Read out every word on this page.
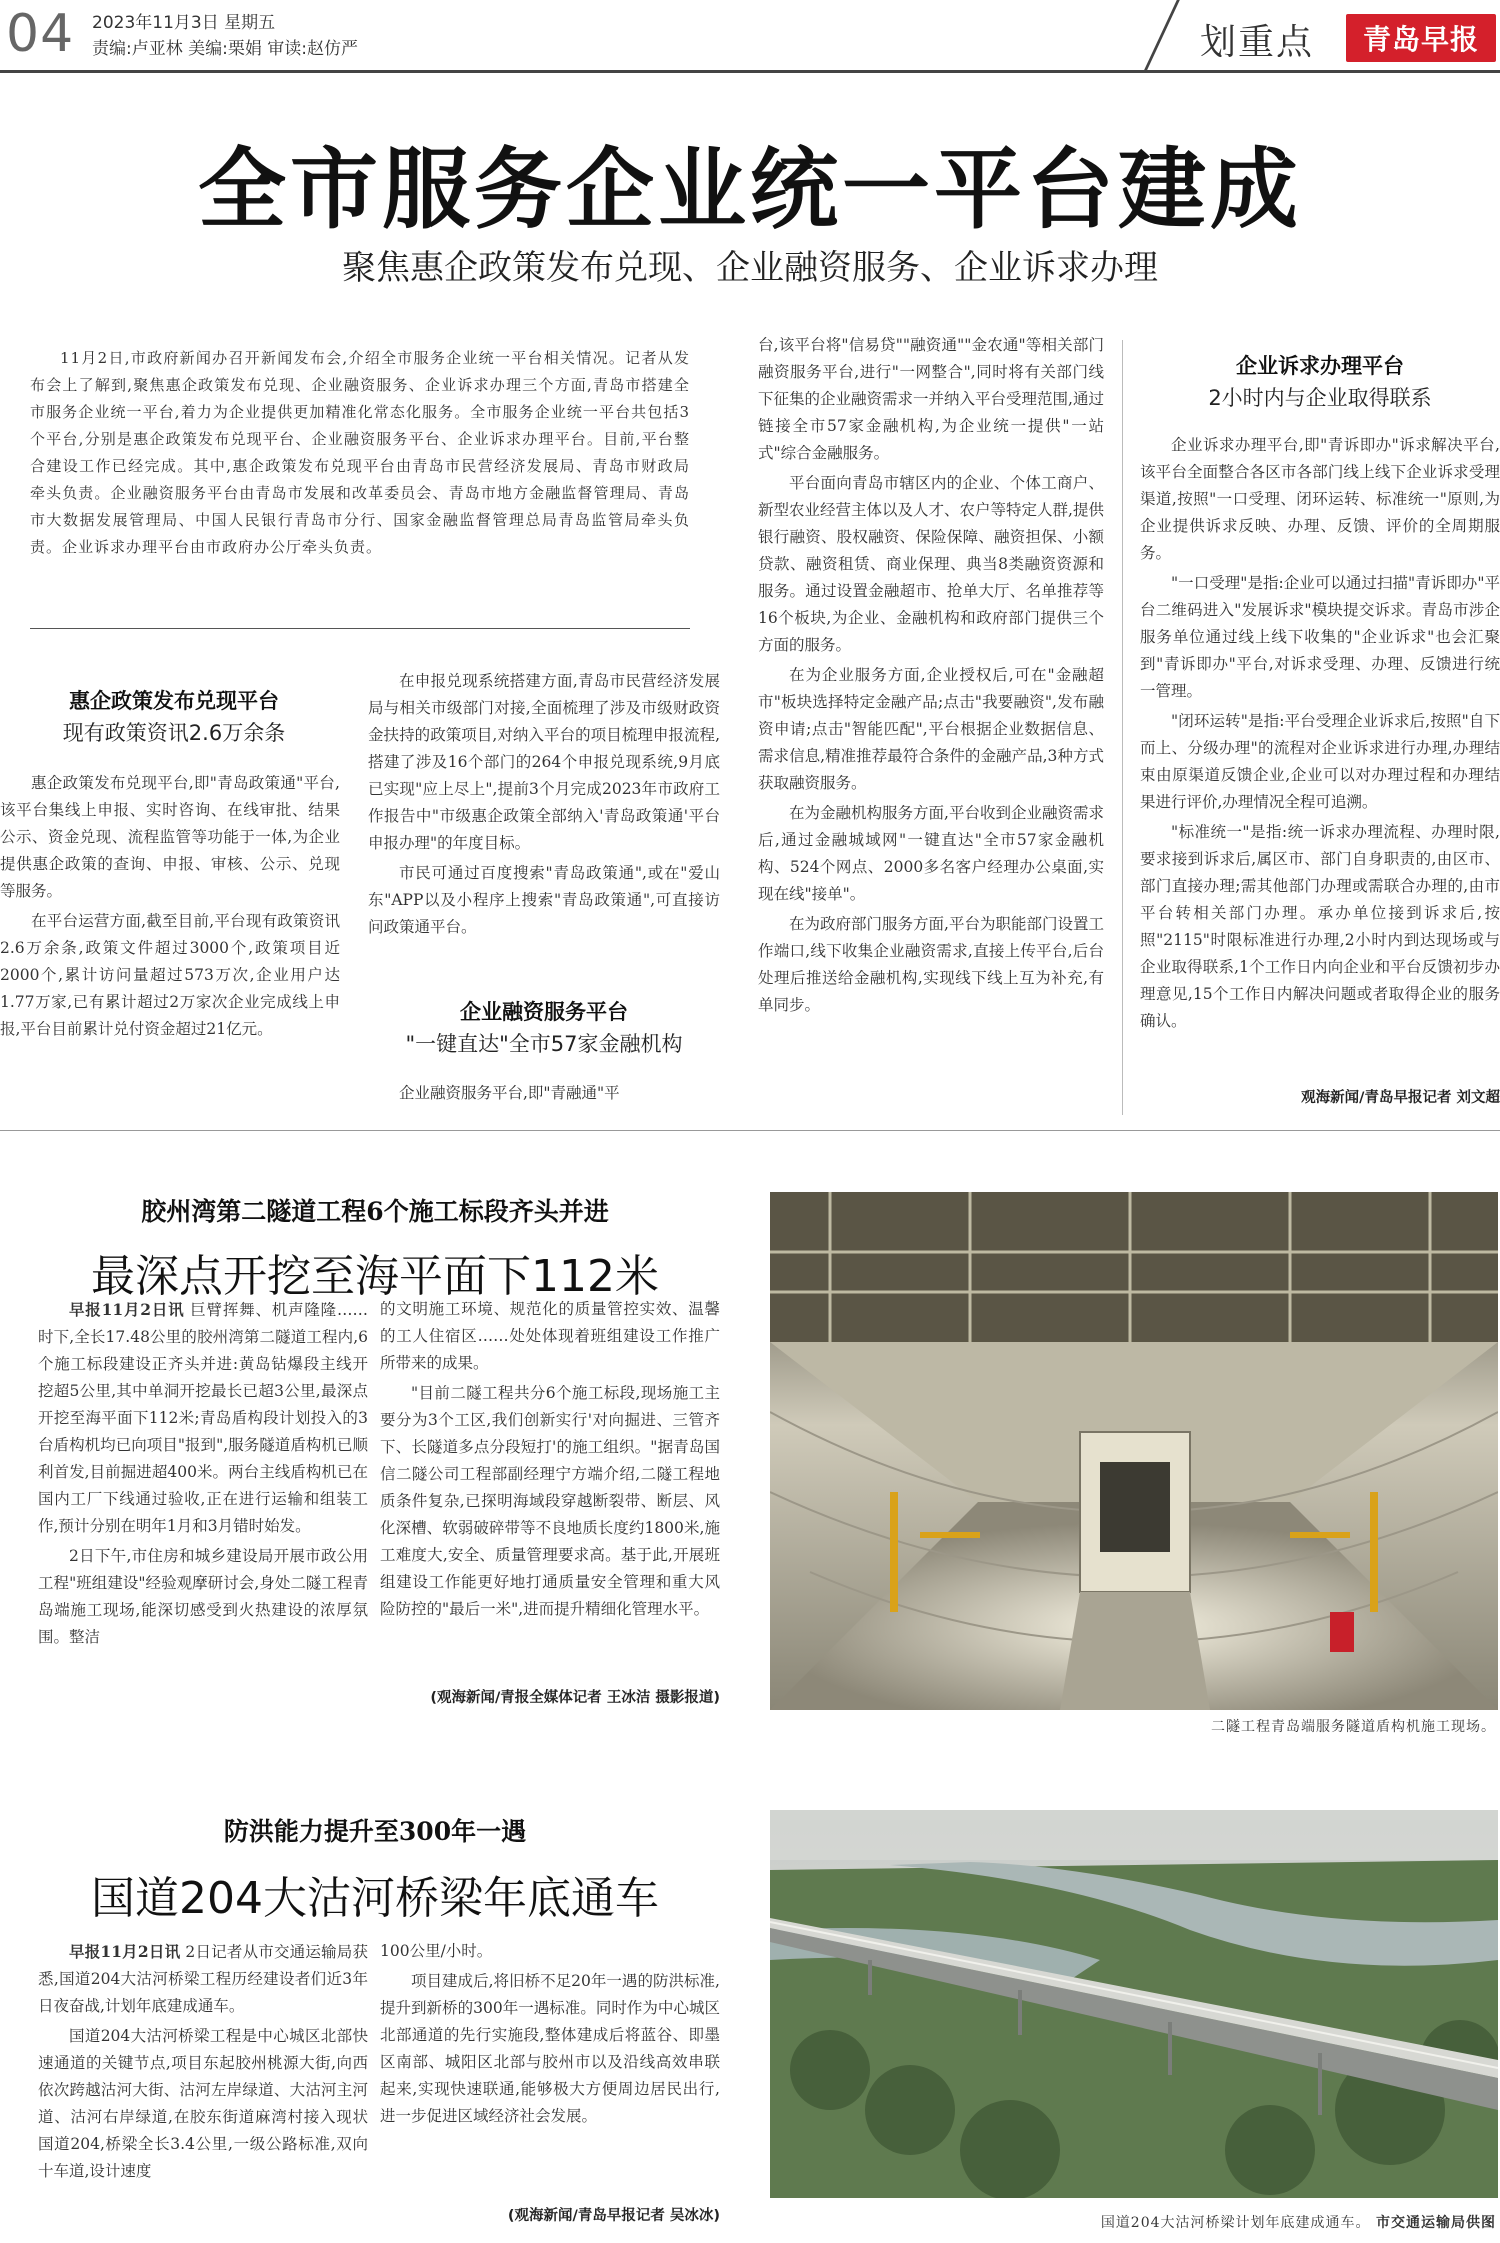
04 2023年11月3日 星期五
责编:卢亚林 美编:栗娟 审读:赵仿严	划重点	青岛早报
全市服务企业统一平台建成
聚焦惠企政策发布兑现、企业融资服务、企业诉求办理
11月2日,市政府新闻办召开新闻发布会,介绍全市服务企业统一平台相关情况。记者从发布会上了解到,聚焦惠企政策发布兑现、企业融资服务、企业诉求办理三个方面,青岛市搭建全市服务企业统一平台,着力为企业提供更加精准化常态化服务。全市服务企业统一平台共包括3个平台,分别是惠企政策发布兑现平台、企业融资服务平台、企业诉求办理平台。目前,平台整合建设工作已经完成。其中,惠企政策发布兑现平台由青岛市民营经济发展局、青岛市财政局牵头负责。企业融资服务平台由青岛市发展和改革委员会、青岛市地方金融监督管理局、青岛市大数据发展管理局、中国人民银行青岛市分行、国家金融监督管理总局青岛监管局牵头负责。企业诉求办理平台由市政府办公厅牵头负责。
惠企政策发布兑现平台
现有政策资讯2.6万余条

惠企政策发布兑现平台,即"青岛政策通"平台,该平台集线上申报、实时咨询、在线审批、结果公示、资金兑现、流程监管等功能于一体,为企业提供惠企政策的查询、申报、审核、公示、兑现等服务。

在平台运营方面,截至目前,平台现有政策资讯2.6万余条,政策文件超过3000个,政策项目近2000个,累计访问量超过573万次,企业用户达1.77万家,已有累计超过2万家次企业完成线上申报,平台目前累计兑付资金超过21亿元。

在申报兑现系统搭建方面,青岛市民营经济发展局与相关市级部门对接,全面梳理了涉及市级财政资金扶持的政策项目,对纳入平台的项目梳理申报流程,搭建了涉及16个部门的264个申报兑现系统,9月底已实现"应上尽上",提前3个月完成2023年市政府工作报告中"市级惠企政策全部纳入'青岛政策通'平台申报办理"的年度目标。

市民可通过百度搜索"青岛政策通",或在"爱山东"APP以及小程序上搜索"青岛政策通",可直接访问政策通平台。

企业融资服务平台
"一键直达"全市57家金融机构

企业融资服务平台,即"青融通"平

台,该平台将"信易贷""融资通""金农通"等相关部门融资服务平台,进行"一网整合",同时将有关部门线下征集的企业融资需求一并纳入平台受理范围,通过链接全市57家金融机构,为企业统一提供"一站式"综合金融服务。

平台面向青岛市辖区内的企业、个体工商户、新型农业经营主体以及人才、农户等特定人群,提供银行融资、股权融资、保险保障、融资担保、小额贷款、融资租赁、商业保理、典当8类融资资源和服务。通过设置金融超市、抢单大厅、名单推荐等16个板块,为企业、金融机构和政府部门提供三个方面的服务。

在为企业服务方面,企业授权后,可在"金融超市"板块选择特定金融产品;点击"我要融资",发布融资申请;点击"智能匹配",平台根据企业数据信息、需求信息,精准推荐最符合条件的金融产品,3种方式获取融资服务。

在为金融机构服务方面,平台收到企业融资需求后,通过金融城域网"一键直达"全市57家金融机构、524个网点、2000多名客户经理办公桌面,实现在线"接单"。

在为政府部门服务方面,平台为职能部门设置工作端口,线下收集企业融资需求,直接上传平台,后台处理后推送给金融机构,实现线下线上互为补充,有单同步。

企业诉求办理平台
2小时内与企业取得联系

企业诉求办理平台,即"青诉即办"诉求解决平台,该平台全面整合各区市各部门线上线下企业诉求受理渠道,按照"一口受理、闭环运转、标准统一"原则,为企业提供诉求反映、办理、反馈、评价的全周期服务。

"一口受理"是指:企业可以通过扫描"青诉即办"平台二维码进入"发展诉求"模块提交诉求。青岛市涉企服务单位通过线上线下收集的"企业诉求"也会汇聚到"青诉即办"平台,对诉求受理、办理、反馈进行统一管理。

"闭环运转"是指:平台受理企业诉求后,按照"自下而上、分级办理"的流程对企业诉求进行办理,办理结束由原渠道反馈企业,企业可以对办理过程和办理结果进行评价,办理情况全程可追溯。

"标准统一"是指:统一诉求办理流程、办理时限,要求接到诉求后,属区市、部门自身职责的,由区市、部门直接办理;需其他部门办理或需联合办理的,由市平台转相关部门办理。承办单位接到诉求后,按照"2115"时限标准进行办理,2小时内到达现场或与企业取得联系,1个工作日内向企业和平台反馈初步办理意见,15个工作日内解决问题或者取得企业的服务确认。

观海新闻/青岛早报记者 刘文超
胶州湾第二隧道工程6个施工标段齐头并进
最深点开挖至海平面下112米

早报11月2日讯 巨臂挥舞、机声隆隆……时下,全长17.48公里的胶州湾第二隧道工程内,6个施工标段建设正齐头并进:黄岛钻爆段主线开挖超5公里,其中单洞开挖最长已超3公里,最深点开挖至海平面下112米;青岛盾构段计划投入的3台盾构机均已向项目"报到",服务隧道盾构机已顺利首发,目前掘进超400米。两台主线盾构机已在国内工厂下线通过验收,正在进行运输和组装工作,预计分别在明年1月和3月错时始发。

2日下午,市住房和城乡建设局开展市政公用工程"班组建设"经验观摩研讨会,身处二隧工程青岛端施工现场,能深切感受到火热建设的浓厚氛围。整洁

的文明施工环境、规范化的质量管控实效、温馨的工人住宿区……处处体现着班组建设工作推广所带来的成果。

"目前二隧工程共分6个施工标段,现场施工主要分为3个工区,我们创新实行'对向掘进、三管齐下、长隧道多点分段短打'的施工组织。"据青岛国信二隧公司工程部副经理宁方端介绍,二隧工程地质条件复杂,已探明海域段穿越断裂带、断层、风化深槽、软弱破碎带等不良地质长度约1800米,施工难度大,安全、质量管理要求高。基于此,开展班组建设工作能更好地打通质量安全管理和重大风险防控的"最后一米",进而提升精细化管理水平。

(观海新闻/青报全媒体记者 王冰洁 摄影报道)
二隧工程青岛端服务隧道盾构机施工现场。
防洪能力提升至300年一遇
国道204大沽河桥梁年底通车

早报11月2日讯 2日记者从市交通运输局获悉,国道204大沽河桥梁工程历经建设者们近3年日夜奋战,计划年底建成通车。

国道204大沽河桥梁工程是中心城区北部快速通道的关键节点,项目东起胶州桃源大街,向西依次跨越沽河大街、沽河左岸绿道、大沽河主河道、沽河右岸绿道,在胶东街道麻湾村接入现状国道204,桥梁全长3.4公里,一级公路标准,双向十车道,设计速度

100公里/小时。

项目建成后,将旧桥不足20年一遇的防洪标准,提升到新桥的300年一遇标准。同时作为中心城区北部通道的先行实施段,整体建成后将蓝谷、即墨区南部、城阳区北部与胶州市以及沿线高效串联起来,实现快速联通,能够极大方便周边居民出行,进一步促进区域经济社会发展。

(观海新闻/青岛早报记者 吴冰冰)	国道204大沽河桥梁计划年底建成通车。 市交通运输局供图
